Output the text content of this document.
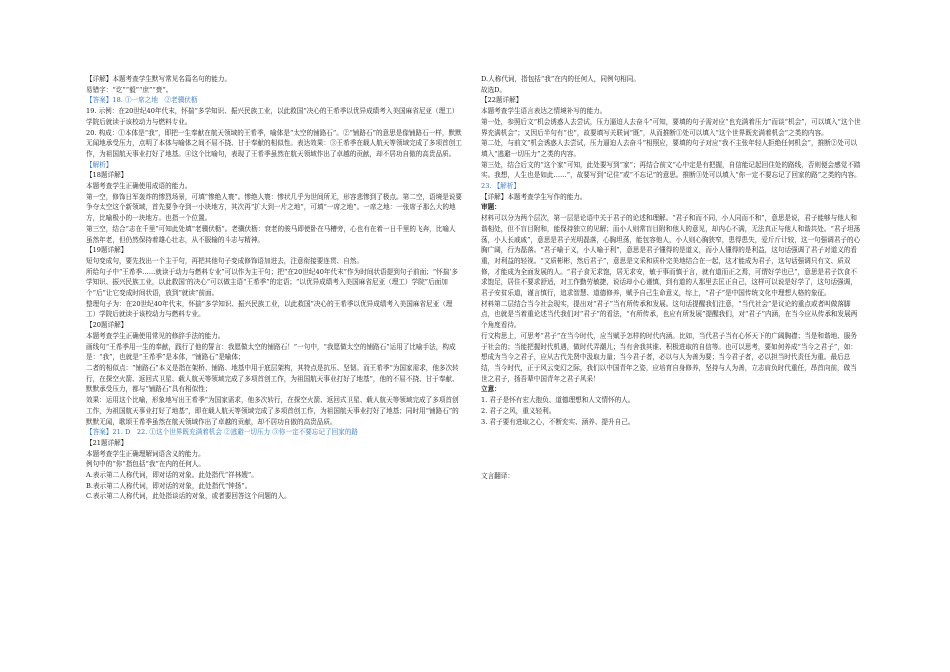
【详解】本题考查学生默写常见名篇名句的能力。

易错字：“讫”“毅”“庶”“赍”。

【答案】18. ①一席之地　②老骥伏枥

19. 示例：在20世纪40年代末，怀揣“多学知识、振兴民族工业，以此救国”决心的王希季以优异成绩考入美国麻省尼亚（理工）学院后就读于该校动力与燃料专业。

20. 构成：①本体是“我”，即把一生奉献在航天领域的王希季，喻体是“太空的铺路石”。②“铺路石”的意思是像铺路石一样，默默无闻地承受压力，点明了本体与喻体之间不屈不挠、甘于奉献的相似性。表达效果：③王希季在载人航天等领域完成了多项首创工作，为祖国航天事业打好了地基。④这个比喻句，表现了王希季虽然在航天领域作出了卓越的贡献，却不居功自傲的高贵品质。

【解析】

【18题详解】

本题考查学生正确使用成语的能力。

第一空，修饰日军轰炸的惨烈场景，可填“惨绝人寰”。惨绝人寰：惨状几乎为世间所无，形容悲惨到了极点。第二空，语境是说要争夺太空这个新领域，首先要争夺到一小块地方，其次再“扩大到一片之地”，可填“一席之地”。一席之地：一张席子那么大的地方，比喻极小的一块地方。也指一个位置。

第三空，结合“志在千里”可知此处填“老骥伏枥”。老骥伏枥：衰老的骏马即使卧在马槽旁，心也有在着一日千里的飞奔，比喻人虽然年老，但仍然保持着雄心壮志，从不服输的斗志与精神。

【19题详解】

短句变成句，要先找出一个主干句，再把其他句子变成修饰语加进去，注意衔接要连贯、自然。

所给句子中“王希季……就读于动力与燃料专业”可以作为主干句；把“在20世纪40年代末”作为时间状语提到句子前面；“怀揣‘多学知识、振兴民族工业，以此救国’的决心”可以做主语“王希季”的定语；“以优异成绩考入美国麻省尼亚（理工）学院”后面加个“后”让它变成时间状语，放到“就读”前面。

整理句子为：在20世纪40年代末，怀揣“多学知识、振兴民族工业，以此救国”决心的王希季以优异成绩考入美国麻省尼亚（理工）学院后就读于该校动力与燃料专业。

【20题详解】

本题考查学生正确使用常见的修辞手法的能力。

画线句“王希季用一生的奉献，践行了他的誓言：我愿做太空的铺路石！”一句中，“我愿做太空的铺路石”运用了比喻手法，构成是：“我”，也就是“王希季”是本体，“铺路石”是喻体；

二者的相似点：“铺路石”本义是指在架桥、铺路、地基中用于底层架构，其特点是抗压、坚韧。而王希季“为国家需求，他多次转行，在探空火箭、返回式卫星、载人航天等领域完成了多项首创工作，为祖国航天事业打好了地基”，他的不屈不挠、甘于奉献、默默承受压力，都与“铺路石”具有相似性；

效果：运用这个比喻，形象地写出王希季“为国家需求，他多次转行，在探空火箭、返回式卫星、载人航天等领域完成了多项首创工作，为祖国航天事业打好了地基”，即在载人航天等领域完成了多项首创工作，为祖国航天事业打好了地基；同时用“铺路石”的默默无闻，歌颂王希季虽然在航天领域作出了卓越的贡献，却不居功自傲的高贵品质。

【答案】21. D　22. ①这个世界既充满着机会 ②逃避一切压力 ③你一定不要忘记了回家的路

【21题详解】

本题考查学生正确理解词语含义的能力。

例句中的“你”指包括“我”在内的任何人。

A.表示第二人称代词，即对话的对象。此处指代“祥林嫂”。

B.表示第二人称代词，即对话的对象，此处指代“钟扬”。

C.表示第二人称代词，此处指谈话的对象，或者要回答这个问题的人。

D.人称代词，指包括“我”在内的任何人，同例句相同。

故选D。

【22题详解】

本题考查学生语言表达之情境补写的能力。

第一处，参照后文“机会诱惑人去尝试，压力逼迫人去奋斗”可知，要填的句子需对应“也充满着压力”而谈“机会”，可以填入“这个世界充满机会”；又因后半句有“也”，故要填写关联词“既”，从而推断①处可以填入“这个世界既充满着机会”之类的内容。

第二处，与前文“机会诱惑人去尝试，压力逼迫人去奋斗”相照应，要填的句子对应“我不主张年轻人拒绝任何机会”，推断②处可以填入“逃避一切压力”之类的内容。

第三处，结合后文的“这个家”可知，此处要写到“家”；再结合前文“心中定是有把握，自信能记起回住处的路线，否则便会感觉不踏实。我想，人生也是如此……”，故要写到“记住”或“不忘记”的意思。推断③处可以填入“你一定不要忘记了回家的路”之类的内容。

23. 【解析】

【详解】本题考查学生写作的能力。

审题：

材料可以分为两个层次，第一层是论语中关于君子的论述和理解。“君子和而不同，小人同而不和”，意思是说，君子能够与他人和谐相处，但不盲目附和，能保持独立的见解；而小人则常盲目附和他人的意见，却内心不满，无法真正与他人和谐共处。“君子坦荡荡，小人长戚戚”，意思是君子光明磊落，心胸坦荡，能包容他人，小人则心胸狭窄，患得患失，爱斤斤计较，这一句强调君子的心胸广阔，行为磊落。“君子喻于义，小人喻于利”，意思是君子懂得的是道义，而小人懂得的是利益，这句话强调了君子对道义的看重，对利益的轻视。“文质彬彬，然后君子”，意思是文采和质朴完美地结合在一起，这才能成为君子，这句话强调只有文、质双修，才能成为全面发展的人。“君子食无求饱，居无求安，敏于事而慎于言，就有道而正之焉，可谓好学也已”，意思是君子饮食不求饱足，居住不要求舒适，对工作勤劳敏捷，说话却小心谨慎，到有道的人那里去匡正自己，这样可以说是好学了，这句话强调，君子安贫乐道，谨言慎行，追求智慧、道德修养，赋予自己生命意义，综上，“君子”是中国传统文化中理想人格的象征。

材料第二层结合当今社会现实，提出对“君子”当有所传承和发展。这句话提醒我们注意，“当代社会”是议论的重点或者叫做落脚点，也就是当着重论述当代我们对“君子”的看法，“有所传承，也应有所发展”提醒我们，对“君子”内涵，在当今应从传承和发展两个角度看待。

行文构思上，可思考“君子”在当今时代，应当赋予怎样的时代内涵。比如，当代君子当有心怀天下的广阔胸襟；当是和谐地、服务于社会的；当能把握时代机遇，做时代弄潮儿；当有舍我其谁、积极进取的自信等。也可以思考，要如何养成“当今之君子”，如：想成为当今之君子，应从古代先贤中汲取力量；当今君子者，必以与人为善为要；当今君子者，必以担当时代责任为重。最后总结，当今时代，正于风云变幻之际，我们以中国青年之姿，应培育自身修养，坚持与人为善，立志肩负时代重任，昂首向前，做当世之君子，扬吾辈中国青年之君子风采！

立意：

1. 君子是怀有宏大抱负、道德理想和人文情怀的人。

2. 君子之风，重义轻利。

3. 君子要有进取之心，不断充实、涵养、提升自己。

文言翻译：
